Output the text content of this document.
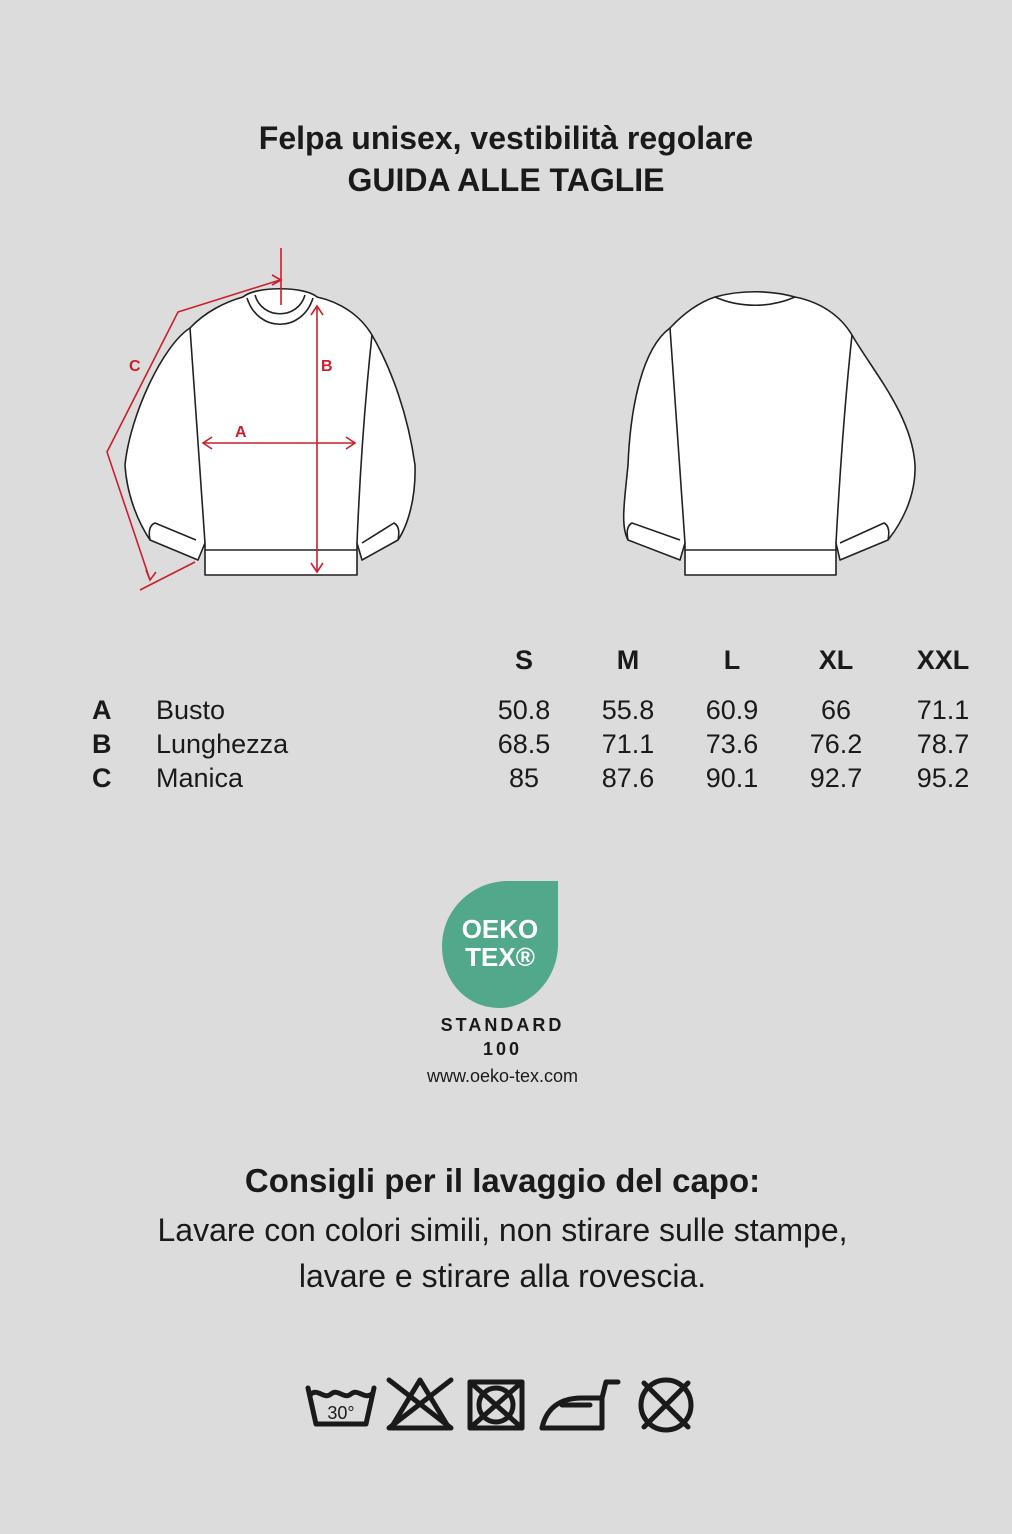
Felpa unisex, vestibilità regolare
GUIDA ALLE TAGLIE
A
B
C
		S	M	L	XL	XXL
A	Busto	50.8	55.8	60.9	66	71.1
B	Lunghezza	68.5	71.1	73.6	76.2	78.7
C	Manica	85	87.6	90.1	92.7	95.2
OEKO
TEX®
STANDARD
100
www.oeko-tex.com
Consigli per il lavaggio del capo:
Lavare con colori simili, non stirare sulle stampe,
lavare e stirare alla rovescia.
30°
